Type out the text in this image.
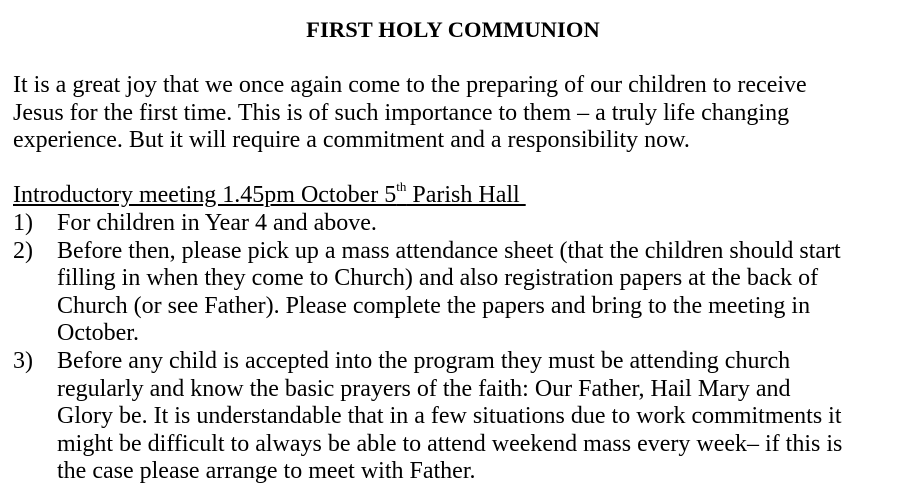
FIRST HOLY COMMUNION

It is a great joy that we once again come to the preparing of our children to receive
Jesus for the first time. This is of such importance to them – a truly life changing
experience. But it will require a commitment and a responsibility now.

Introductory meeting 1.45pm October 5th Parish Hall
1) For children in Year 4 and above.
2) Before then, please pick up a mass attendance sheet (that the children should start
filling in when they come to Church) and also registration papers at the back of
Church (or see Father). Please complete the papers and bring to the meeting in
October.
3) Before any child is accepted into the program they must be attending church
regularly and know the basic prayers of the faith: Our Father, Hail Mary and
Glory be. It is understandable that in a few situations due to work commitments it
might be difficult to always be able to attend weekend mass every week– if this is
the case please arrange to meet with Father.
